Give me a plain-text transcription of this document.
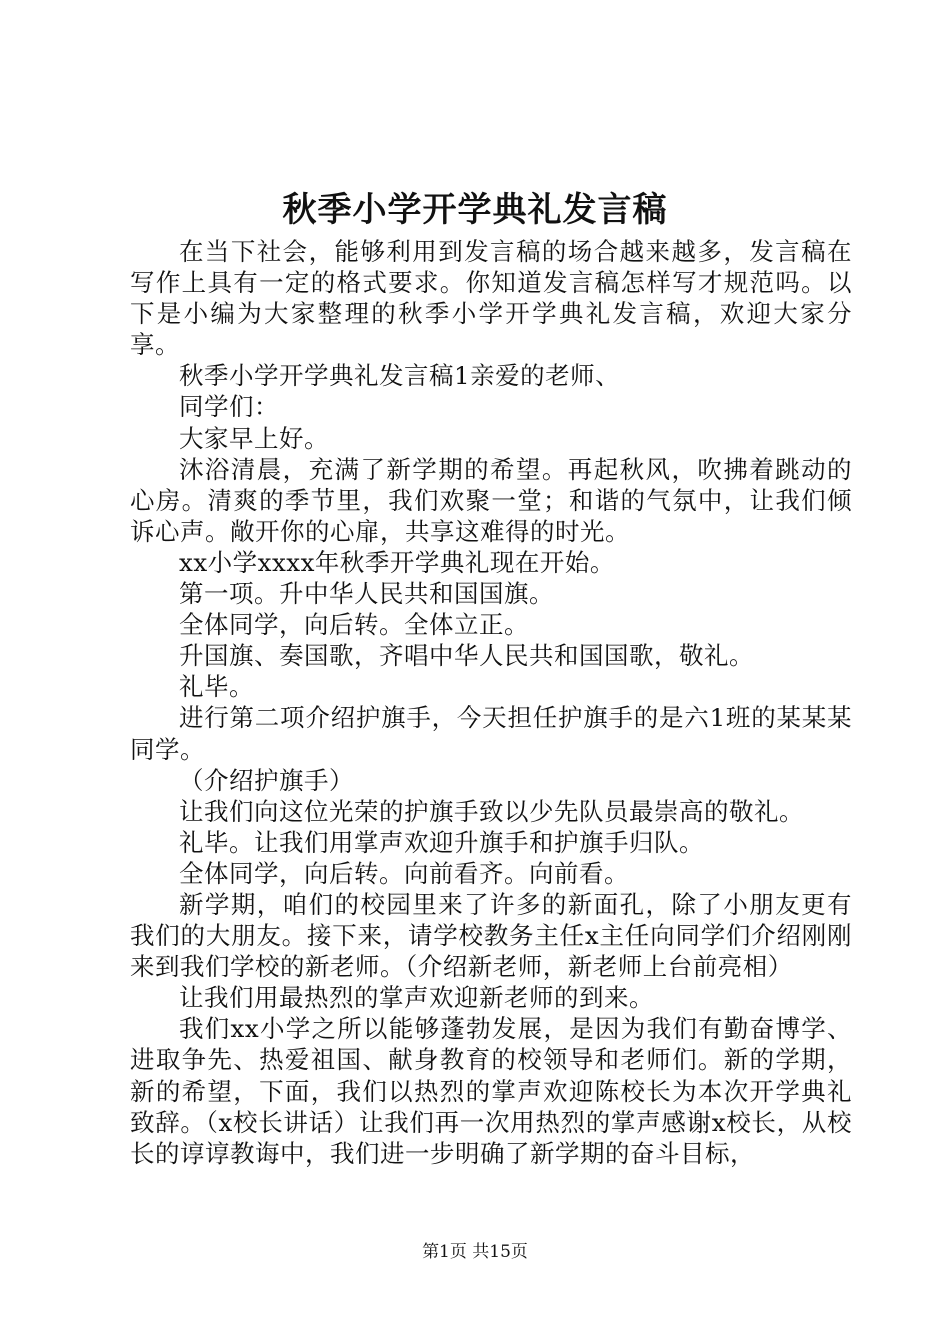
秋季小学开学典礼发言稿

在当下社会，能够利用到发言稿的场合越来越多，发言稿在写作上具有一定的格式要求。你知道发言稿怎样写才规范吗。以下是小编为大家整理的秋季小学开学典礼发言稿，欢迎大家分享。

秋季小学开学典礼发言稿1亲爱的老师、

同学们：

大家早上好。

沐浴清晨，充满了新学期的希望。再起秋风，吹拂着跳动的心房。清爽的季节里，我们欢聚一堂；和谐的气氛中，让我们倾诉心声。敞开你的心扉，共享这难得的时光。

xx小学xxxx年秋季开学典礼现在开始。

第一项。升中华人民共和国国旗。

全体同学，向后转。全体立正。

升国旗、奏国歌，齐唱中华人民共和国国歌，敬礼。

礼毕。

进行第二项介绍护旗手，今天担任护旗手的是六1班的某某某同学。

（介绍护旗手）

让我们向这位光荣的护旗手致以少先队员最崇高的敬礼。

礼毕。让我们用掌声欢迎升旗手和护旗手归队。

全体同学，向后转。向前看齐。向前看。

新学期，咱们的校园里来了许多的新面孔，除了小朋友更有我们的大朋友。接下来，请学校教务主任x主任向同学们介绍刚刚来到我们学校的新老师。（介绍新老师，新老师上台前亮相）

让我们用最热烈的掌声欢迎新老师的到来。

我们xx小学之所以能够蓬勃发展，是因为我们有勤奋博学、进取争先、热爱祖国、献身教育的校领导和老师们。新的学期，新的希望，下面，我们以热烈的掌声欢迎陈校长为本次开学典礼致辞。（x校长讲话）让我们再一次用热烈的掌声感谢x校长，从校长的谆谆教诲中，我们进一步明确了新学期的奋斗目标，

第1页 共15页
